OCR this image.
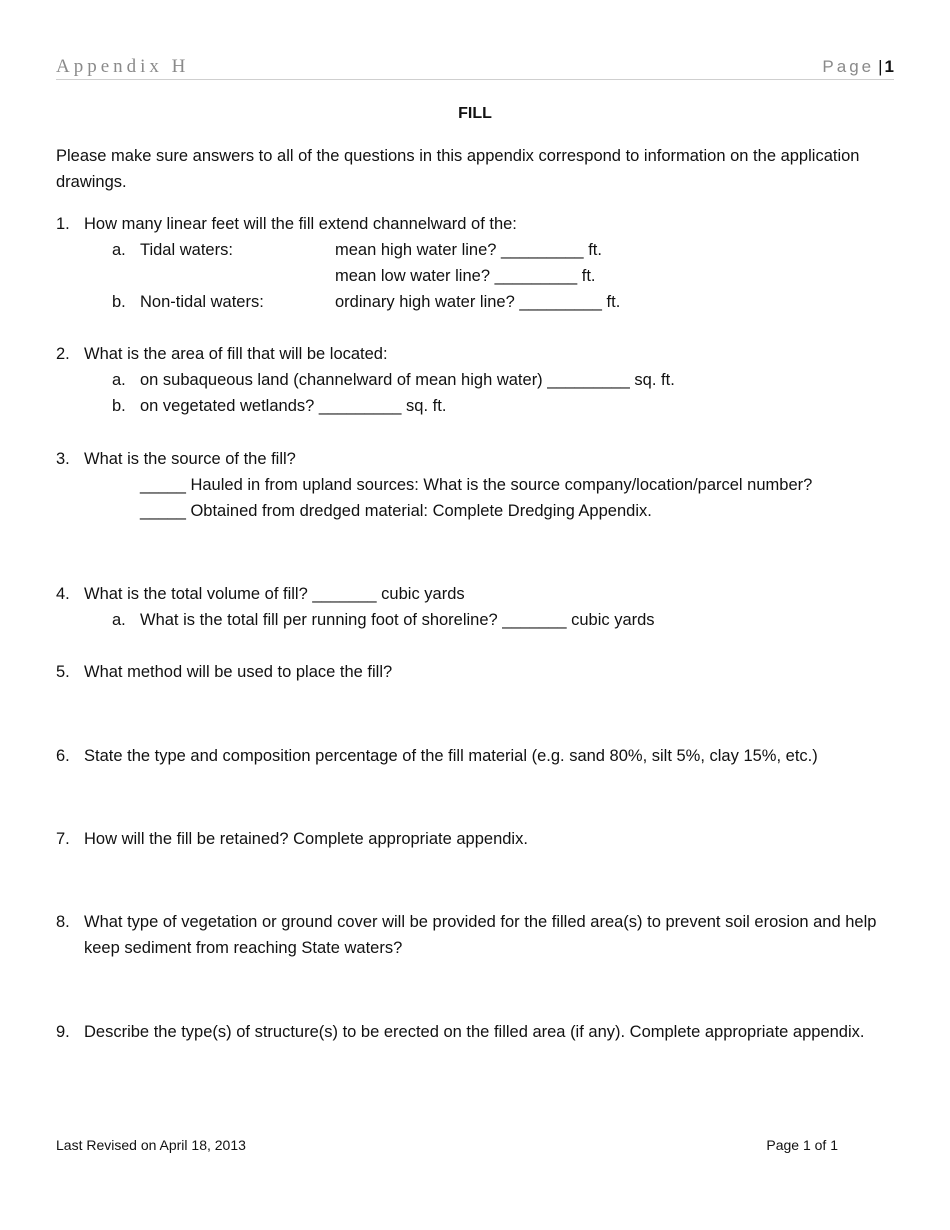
Appendix H	Page | 1
FILL
Please make sure answers to all of the questions in this appendix correspond to information on the application drawings.
1. How many linear feet will the fill extend channelward of the:
a. Tidal waters:	mean high water line? _________ ft.
mean low water line? _________ ft.
b. Non-tidal waters:	ordinary high water line? _________ ft.
2. What is the area of fill that will be located:
a. on subaqueous land (channelward of mean high water) _________ sq. ft.
b. on vegetated wetlands? _________ sq. ft.
3. What is the source of the fill?
_____ Hauled in from upland sources: What is the source company/location/parcel number?
_____ Obtained from dredged material: Complete Dredging Appendix.
4. What is the total volume of fill? _______ cubic yards
a. What is the total fill per running foot of shoreline? _______ cubic yards
5. What method will be used to place the fill?
6. State the type and composition percentage of the fill material (e.g. sand 80%, silt 5%, clay 15%, etc.)
7. How will the fill be retained? Complete appropriate appendix.
8. What type of vegetation or ground cover will be provided for the filled area(s) to prevent soil erosion and help keep sediment from reaching State waters?
9. Describe the type(s) of structure(s) to be erected on the filled area (if any). Complete appropriate appendix.
Last Revised on April 18, 2013	Page 1 of 1
